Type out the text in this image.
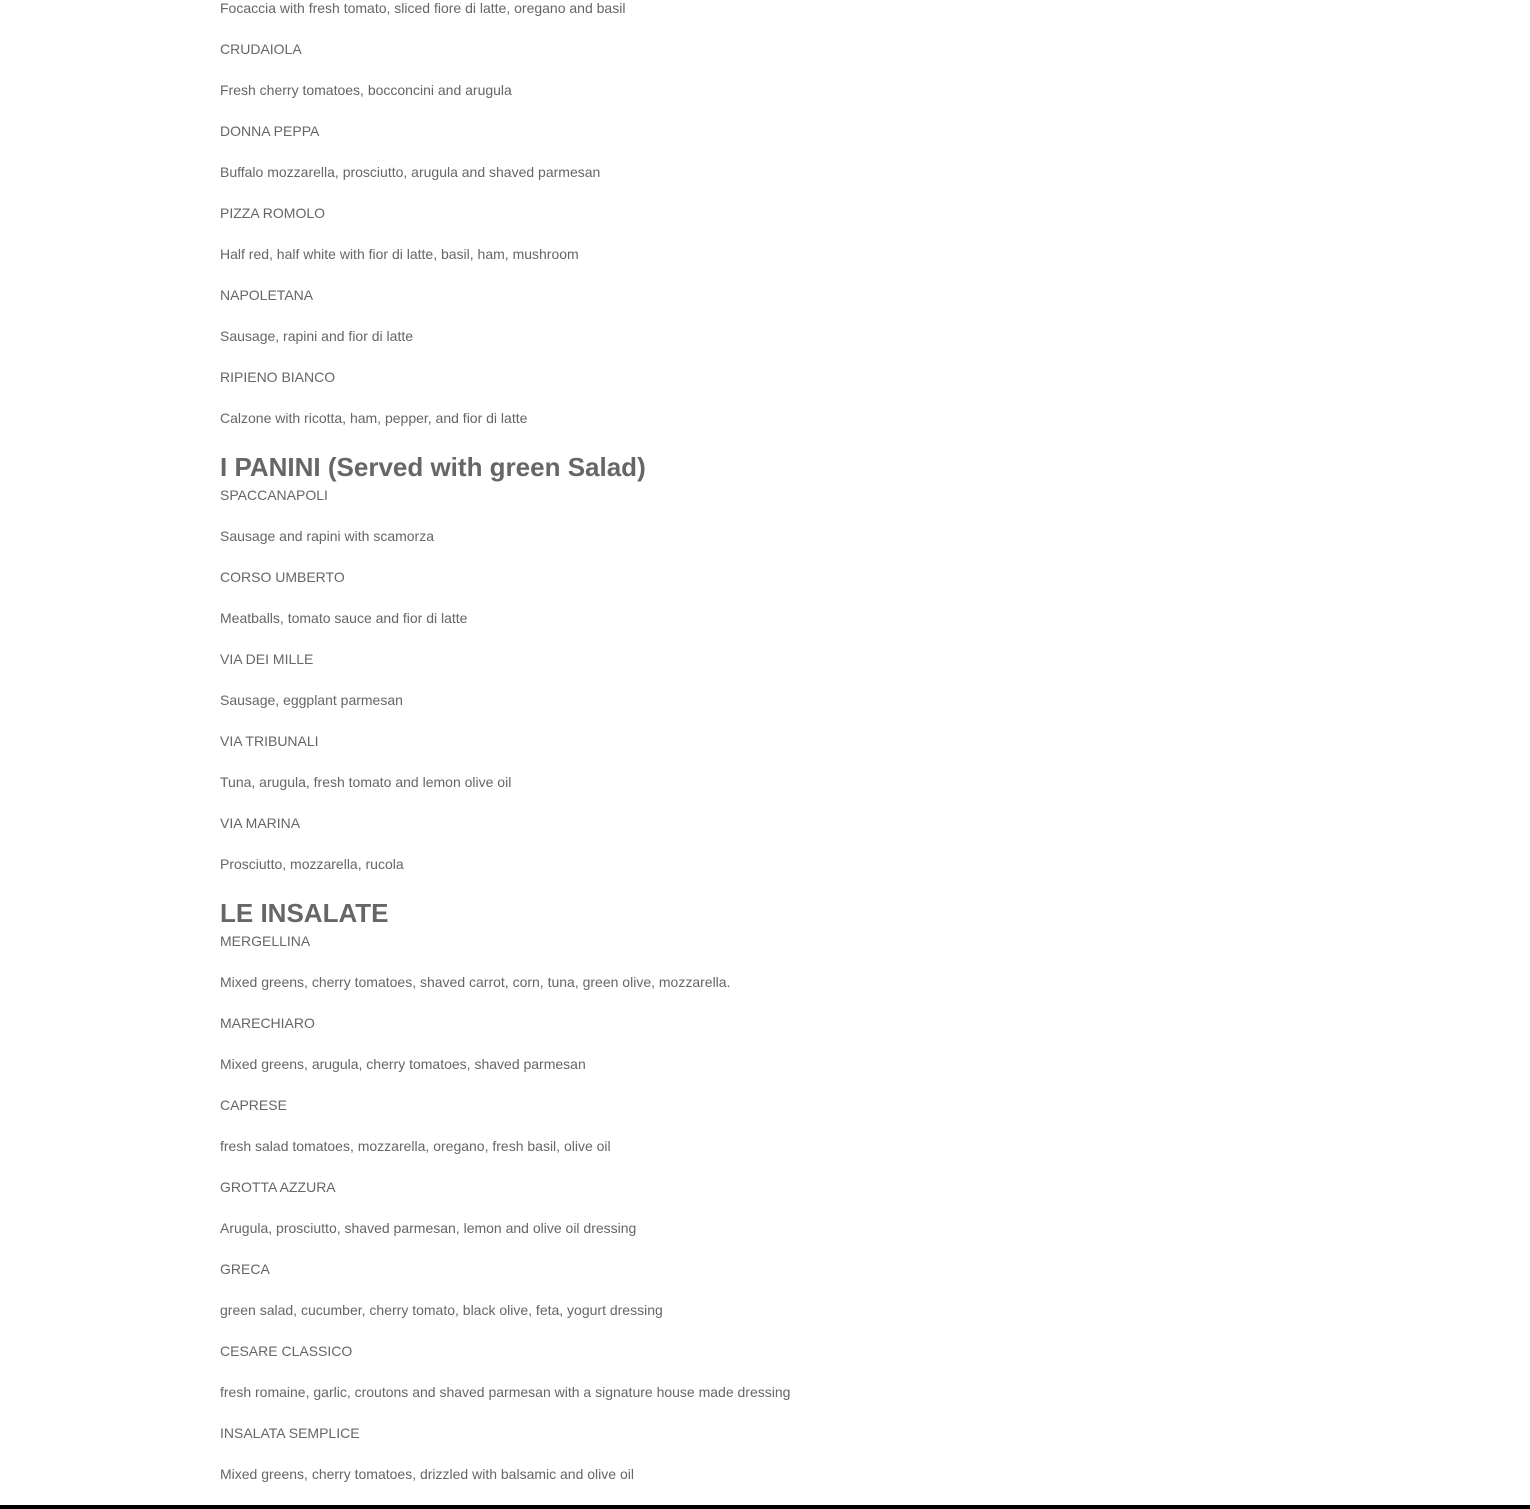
Focaccia with fresh tomato, sliced fiore di latte, oregano and basil

CRUDAIOLA

Fresh cherry tomatoes, bocconcini and arugula

DONNA PEPPA

Buffalo mozzarella, prosciutto, arugula and shaved parmesan

PIZZA ROMOLO

Half red, half white with fior di latte, basil, ham, mushroom

NAPOLETANA

Sausage, rapini and fior di latte

RIPIENO BIANCO

Calzone with ricotta, ham, pepper, and fior di latte

I PANINI (Served with green Salad)

SPACCANAPOLI

Sausage and rapini with scamorza

CORSO UMBERTO

Meatballs, tomato sauce and fior di latte

VIA DEI MILLE

Sausage, eggplant parmesan

VIA TRIBUNALI

Tuna, arugula, fresh tomato and lemon olive oil

VIA MARINA

Prosciutto, mozzarella, rucola

LE INSALATE

MERGELLINA

Mixed greens, cherry tomatoes, shaved carrot, corn, tuna, green olive, mozzarella.

MARECHIARO

Mixed greens, arugula, cherry tomatoes, shaved parmesan

CAPRESE

fresh salad tomatoes, mozzarella, oregano, fresh basil, olive oil

GROTTA AZZURA

Arugula, prosciutto, shaved parmesan, lemon and olive oil dressing

GRECA

green salad, cucumber, cherry tomato, black olive, feta, yogurt dressing

CESARE CLASSICO

fresh romaine, garlic, croutons and shaved parmesan with a signature house made dressing

INSALATA SEMPLICE

Mixed greens, cherry tomatoes, drizzled with balsamic and olive oil
